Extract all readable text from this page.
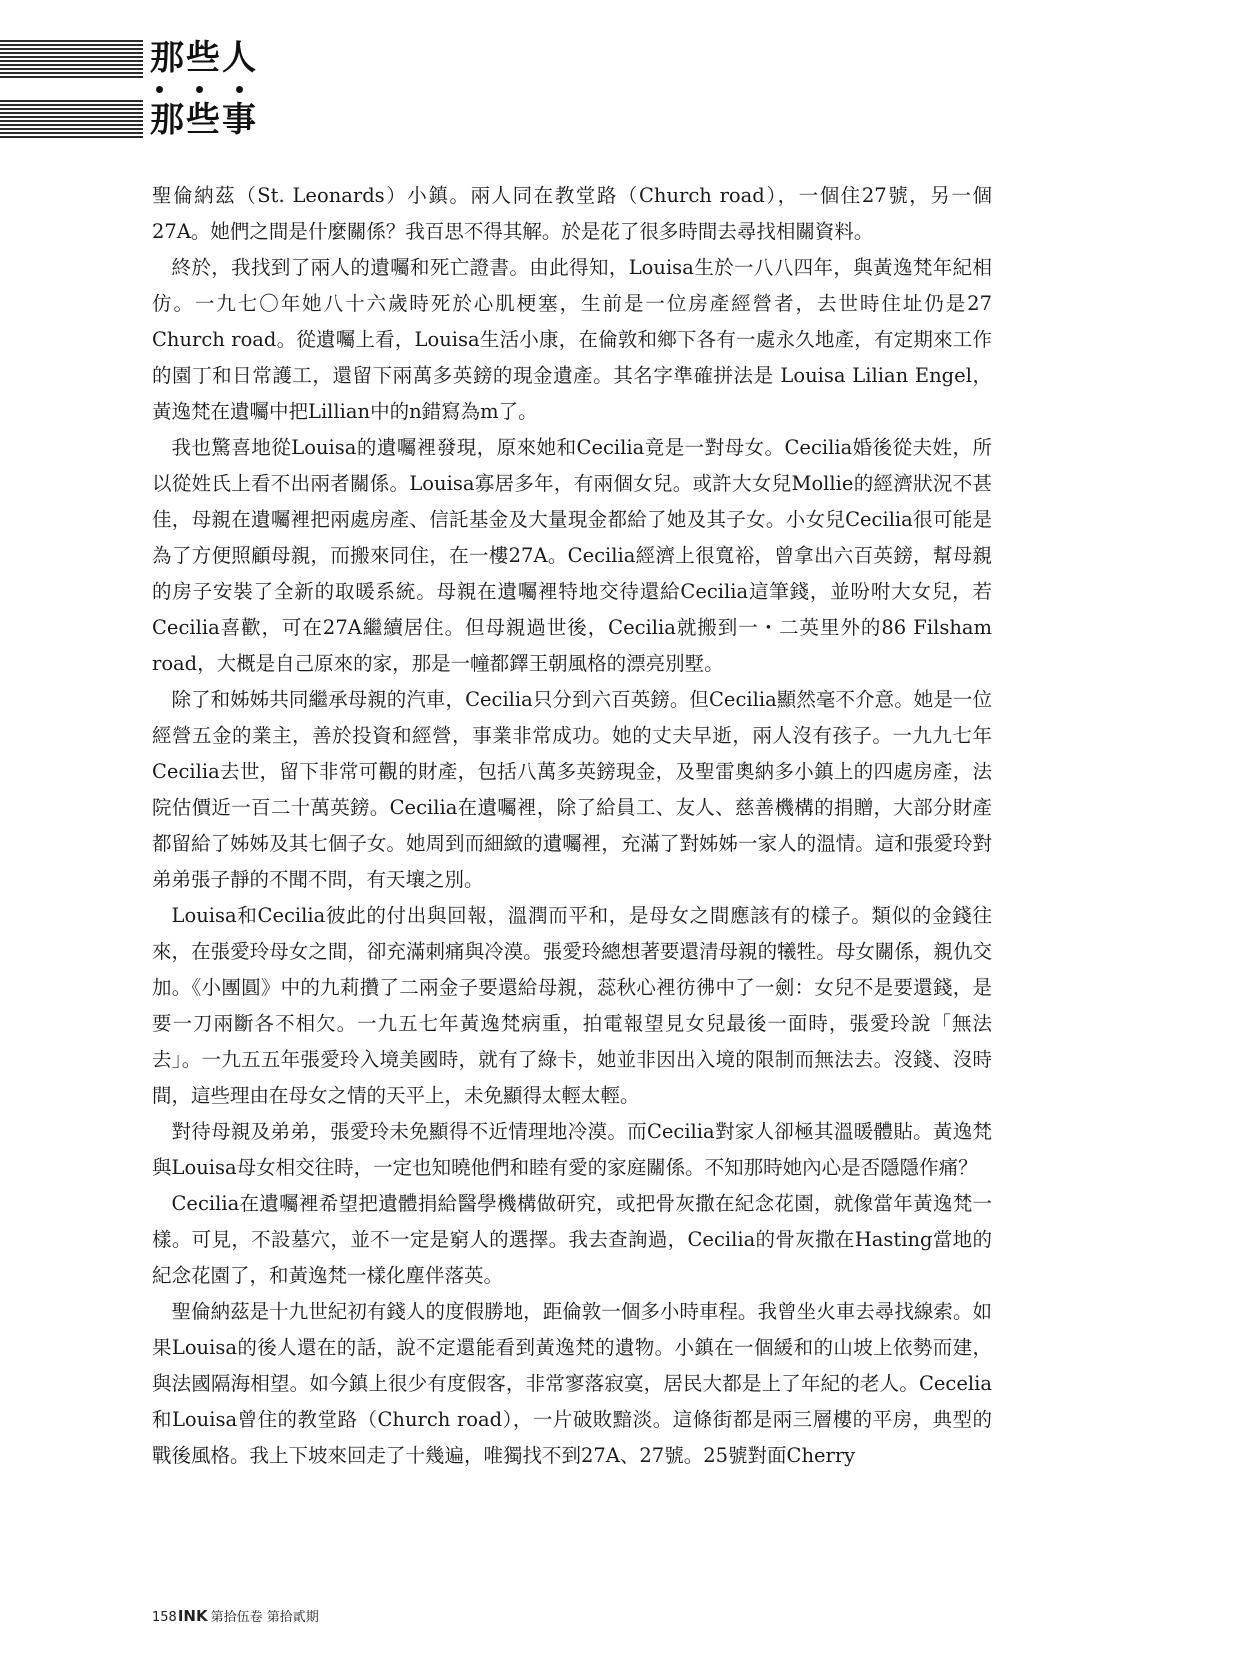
那些人
那些事

聖倫納茲（St. Leonards）小鎮。兩人同在教堂路（Church road），一個住27號，另一個27A。她們之間是什麼關係？我百思不得其解。於是花了很多時間去尋找相關資料。

終於，我找到了兩人的遺囑和死亡證書。由此得知，Louisa生於一八八四年，與黃逸梵年紀相仿。一九七〇年她八十六歲時死於心肌梗塞，生前是一位房產經營者，去世時住址仍是27 Church road。從遺囑上看，Louisa生活小康，在倫敦和鄉下各有一處永久地產，有定期來工作的園丁和日常護工，還留下兩萬多英鎊的現金遺產。其名字準確拼法是 Louisa Lilian Engel，黃逸梵在遺囑中把Lillian中的n錯寫為m了。

我也驚喜地從Louisa的遺囑裡發現，原來她和Cecilia竟是一對母女。Cecilia婚後從夫姓，所以從姓氏上看不出兩者關係。Louisa寡居多年，有兩個女兒。或許大女兒Mollie的經濟狀況不甚佳，母親在遺囑裡把兩處房產、信託基金及大量現金都給了她及其子女。小女兒Cecilia很可能是為了方便照顧母親，而搬來同住，在一樓27A。Cecilia經濟上很寬裕，曾拿出六百英鎊，幫母親的房子安裝了全新的取暖系統。母親在遺囑裡特地交待還給Cecilia這筆錢，並吩咐大女兒，若Cecilia喜歡，可在27A繼續居住。但母親過世後，Cecilia就搬到一・二英里外的86 Filsham road，大概是自己原來的家，那是一幢都鐸王朝風格的漂亮別墅。

除了和姊姊共同繼承母親的汽車，Cecilia只分到六百英鎊。但Cecilia顯然毫不介意。她是一位經營五金的業主，善於投資和經營，事業非常成功。她的丈夫早逝，兩人沒有孩子。一九九七年Cecilia去世，留下非常可觀的財產，包括八萬多英鎊現金，及聖雷奧納多小鎮上的四處房產，法院估價近一百二十萬英鎊。Cecilia在遺囑裡，除了給員工、友人、慈善機構的捐贈，大部分財產都留給了姊姊及其七個子女。她周到而細緻的遺囑裡，充滿了對姊姊一家人的溫情。這和張愛玲對弟弟張子靜的不聞不問，有天壤之別。

Louisa和Cecilia彼此的付出與回報，溫潤而平和，是母女之間應該有的樣子。類似的金錢往來，在張愛玲母女之間，卻充滿刺痛與冷漠。張愛玲總想著要還清母親的犧牲。母女關係，親仇交加。《小團圓》中的九莉攢了二兩金子要還給母親，蕊秋心裡彷彿中了一劍：女兒不是要還錢，是要一刀兩斷各不相欠。一九五七年黃逸梵病重，拍電報望見女兒最後一面時，張愛玲說「無法去」。一九五五年張愛玲入境美國時，就有了綠卡，她並非因出入境的限制而無法去。沒錢、沒時間，這些理由在母女之情的天平上，未免顯得太輕太輕。

對待母親及弟弟，張愛玲未免顯得不近情理地冷漠。而Cecilia對家人卻極其溫暖體貼。黃逸梵與Louisa母女相交往時，一定也知曉他們和睦有愛的家庭關係。不知那時她內心是否隱隱作痛？

Cecilia在遺囑裡希望把遺體捐給醫學機構做研究，或把骨灰撒在紀念花園，就像當年黃逸梵一樣。可見，不設墓穴，並不一定是窮人的選擇。我去查詢過，Cecilia的骨灰撒在Hasting當地的紀念花園了，和黃逸梵一樣化塵伴落英。

聖倫納茲是十九世紀初有錢人的度假勝地，距倫敦一個多小時車程。我曾坐火車去尋找線索。如果Louisa的後人還在的話，說不定還能看到黃逸梵的遺物。小鎮在一個緩和的山坡上依勢而建，與法國隔海相望。如今鎮上很少有度假客，非常寥落寂寞，居民大都是上了年紀的老人。Cecelia和Louisa曾住的教堂路（Church road），一片破敗黯淡。這條街都是兩三層樓的平房，典型的戰後風格。我上下坡來回走了十幾遍，唯獨找不到27A、27號。25號對面Cherry

158INK 第拾伍卷 第拾貳期
